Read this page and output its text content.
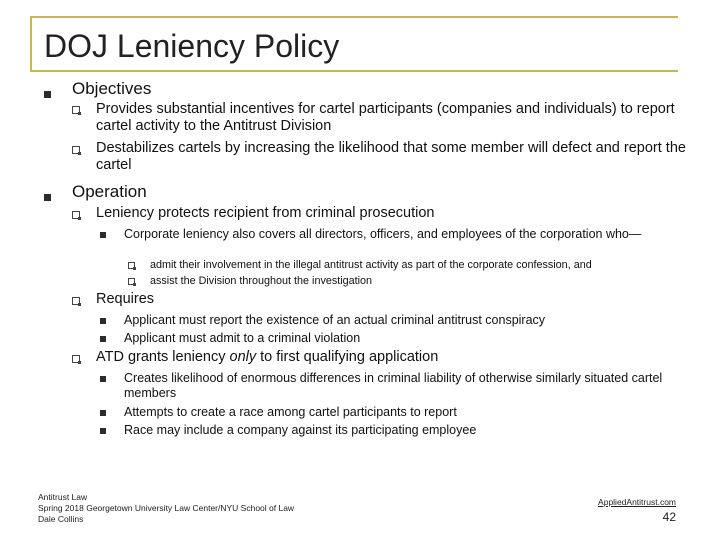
DOJ Leniency Policy
Objectives
Provides substantial incentives for cartel participants (companies and individuals) to report cartel activity to the Antitrust Division
Destabilizes cartels by increasing the likelihood that some member will defect and report the cartel
Operation
Leniency protects recipient from criminal prosecution
Corporate leniency also covers all directors, officers, and employees of the corporation who—
admit their involvement in the illegal antitrust activity as part of the corporate confession, and
assist the Division throughout the investigation
Requires
Applicant must report the existence of an actual criminal antitrust conspiracy
Applicant must admit to a criminal violation
ATD grants leniency only to first qualifying application
Creates likelihood of enormous differences in criminal liability of otherwise similarly situated cartel members
Attempts to create a race among cartel participants to report
Race may include a company against its participating employee
Antitrust Law
Spring 2018 Georgetown University Law Center/NYU School of Law
Dale Collins
AppliedAntitrust.com
42
